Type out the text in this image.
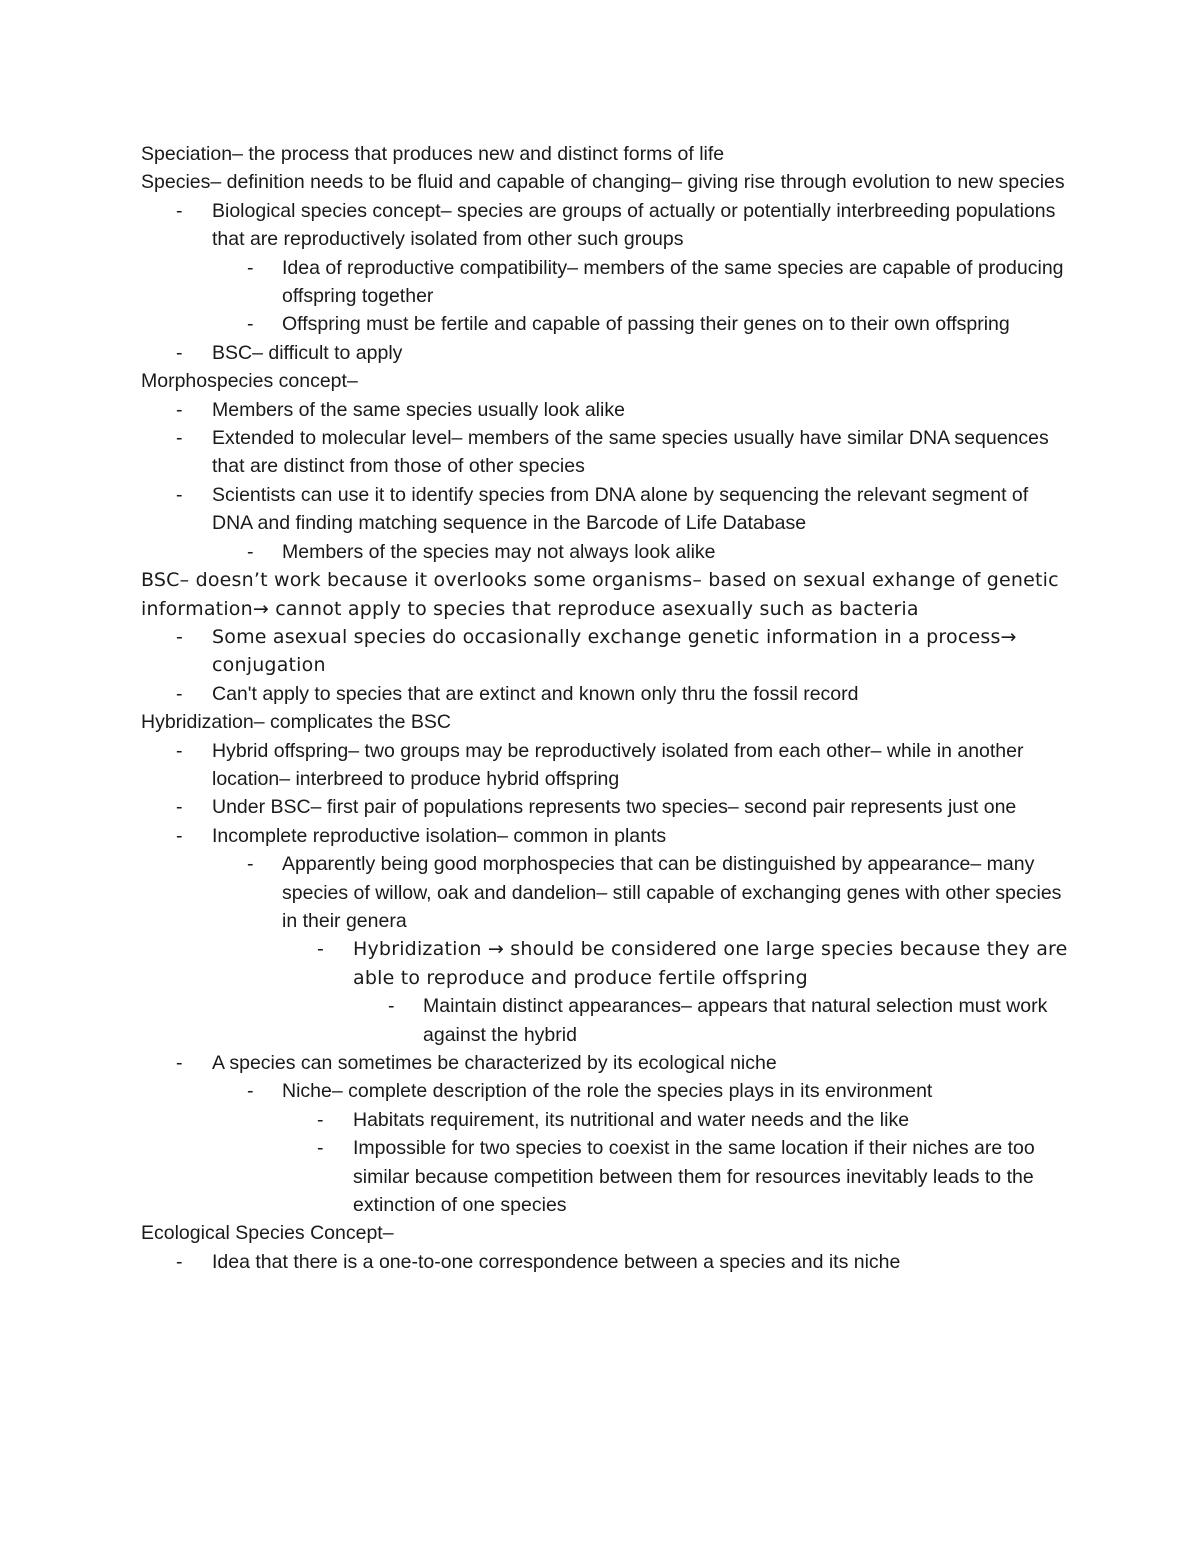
Speciation– the process that produces new and distinct forms of life
Species– definition needs to be fluid and capable of changing– giving rise through evolution to new species
- Biological species concept– species are groups of actually or potentially interbreeding populations that are reproductively isolated from other such groups
- Idea of reproductive compatibility– members of the same species are capable of producing offspring together
- Offspring must be fertile and capable of passing their genes on to their own offspring
- BSC– difficult to apply
Morphospecies concept–
- Members of the same species usually look alike
- Extended to molecular level– members of the same species usually have similar DNA sequences that are distinct from those of other species
- Scientists can use it to identify species from DNA alone by sequencing the relevant segment of DNA and finding matching sequence in the Barcode of Life Database
- Members of the species may not always look alike
BSC– doesn’t work because it overlooks some organisms– based on sexual exhange of genetic information→ cannot apply to species that reproduce asexually such as bacteria
- Some asexual species do occasionally exchange genetic information in a process→ conjugation
- Can't apply to species that are extinct and known only thru the fossil record
Hybridization– complicates the BSC
- Hybrid offspring– two groups may be reproductively isolated from each other– while in another location– interbreed to produce hybrid offspring
- Under BSC– first pair of populations represents two species– second pair represents just one
- Incomplete reproductive isolation– common in plants
- Apparently being good morphospecies that can be distinguished by appearance– many species of willow, oak and dandelion– still capable of exchanging genes with other species in their genera
- Hybridization → should be considered one large species because they are able to reproduce and produce fertile offspring
- Maintain distinct appearances– appears that natural selection must work against the hybrid
- A species can sometimes be characterized by its ecological niche
- Niche– complete description of the role the species plays in its environment
- Habitats requirement, its nutritional and water needs and the like
- Impossible for two species to coexist in the same location if their niches are too similar because competition between them for resources inevitably leads to the extinction of one species
Ecological Species Concept–
- Idea that there is a one-to-one correspondence between a species and its niche
